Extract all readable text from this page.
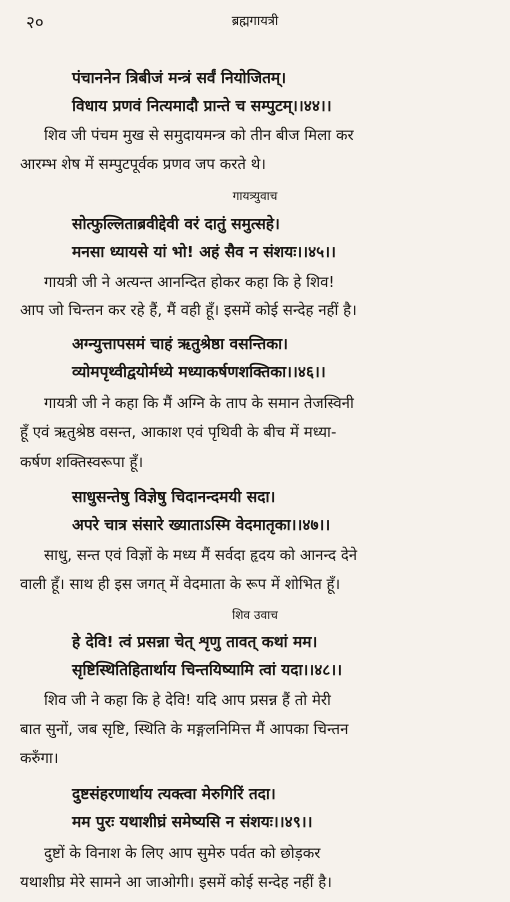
२०	ब्रह्मगायत्री
पंचाननेन त्रिबीजं मन्त्रं सर्वं नियोजितम्।
विधाय प्रणवं नित्यमादौ प्रान्ते च सम्पुटम्।।४४।।
शिव जी पंचम मुख से समुदायमन्त्र को तीन बीज मिला कर
आरम्भ शेष में सम्पुटपूर्वक प्रणव जप करते थे।
गायत्र्युवाच
सोत्फुल्लिताब्रवीद्देवी वरं दातुं समुत्सहे।
मनसा ध्यायसे यां भो! अहं सैव न संशयः।।४५।।
गायत्री जी ने अत्यन्त आनन्दित होकर कहा कि हे शिव!
आप जो चिन्तन कर रहे हैं, मैं वही हूँ। इसमें कोई सन्देह नहीं है।
अग्न्युत्तापसमं चाहं ऋतुश्रेष्ठा वसन्तिका।
व्योमपृथ्वीद्वयोर्मध्ये मध्याकर्षणशक्तिका।।४६।।
गायत्री जी ने कहा कि मैं अग्नि के ताप के समान तेजस्विनी
हूँ एवं ऋतुश्रेष्ठ वसन्त, आकाश एवं पृथिवी के बीच में मध्या-
कर्षण शक्तिस्वरूपा हूँ।
साधुसन्तेषु विज्ञेषु चिदानन्दमयी सदा।
अपरे चात्र संसारे ख्याताऽस्मि वेदमातृका।।४७।।
साधु, सन्त एवं विज्ञों के मध्य मैं सर्वदा हृदय को आनन्द देने
वाली हूँ। साथ ही इस जगत् में वेदमाता के रूप में शोभित हूँ।
शिव उवाच
हे देवि! त्वं प्रसन्ना चेत् शृणु तावत् कथां मम।
सृष्टिस्थितिहितार्थाय चिन्तयिष्यामि त्वां यदा।।४८।।
शिव जी ने कहा कि हे देवि! यदि आप प्रसन्न हैं तो मेरी
बात सुनों, जब सृष्टि, स्थिति के मङ्गलनिमित्त मैं आपका चिन्तन
करुँगा।
दुष्टसंहरणार्थाय त्यक्त्वा मेरुगिरिं तदा।
मम पुरः यथाशीघ्रं समेष्यसि न संशयः।।४९।।
दुष्टों के विनाश के लिए आप सुमेरु पर्वत को छोड़कर
यथाशीघ्र मेरे सामने आ जाओगी। इसमें कोई सन्देह नहीं है।
